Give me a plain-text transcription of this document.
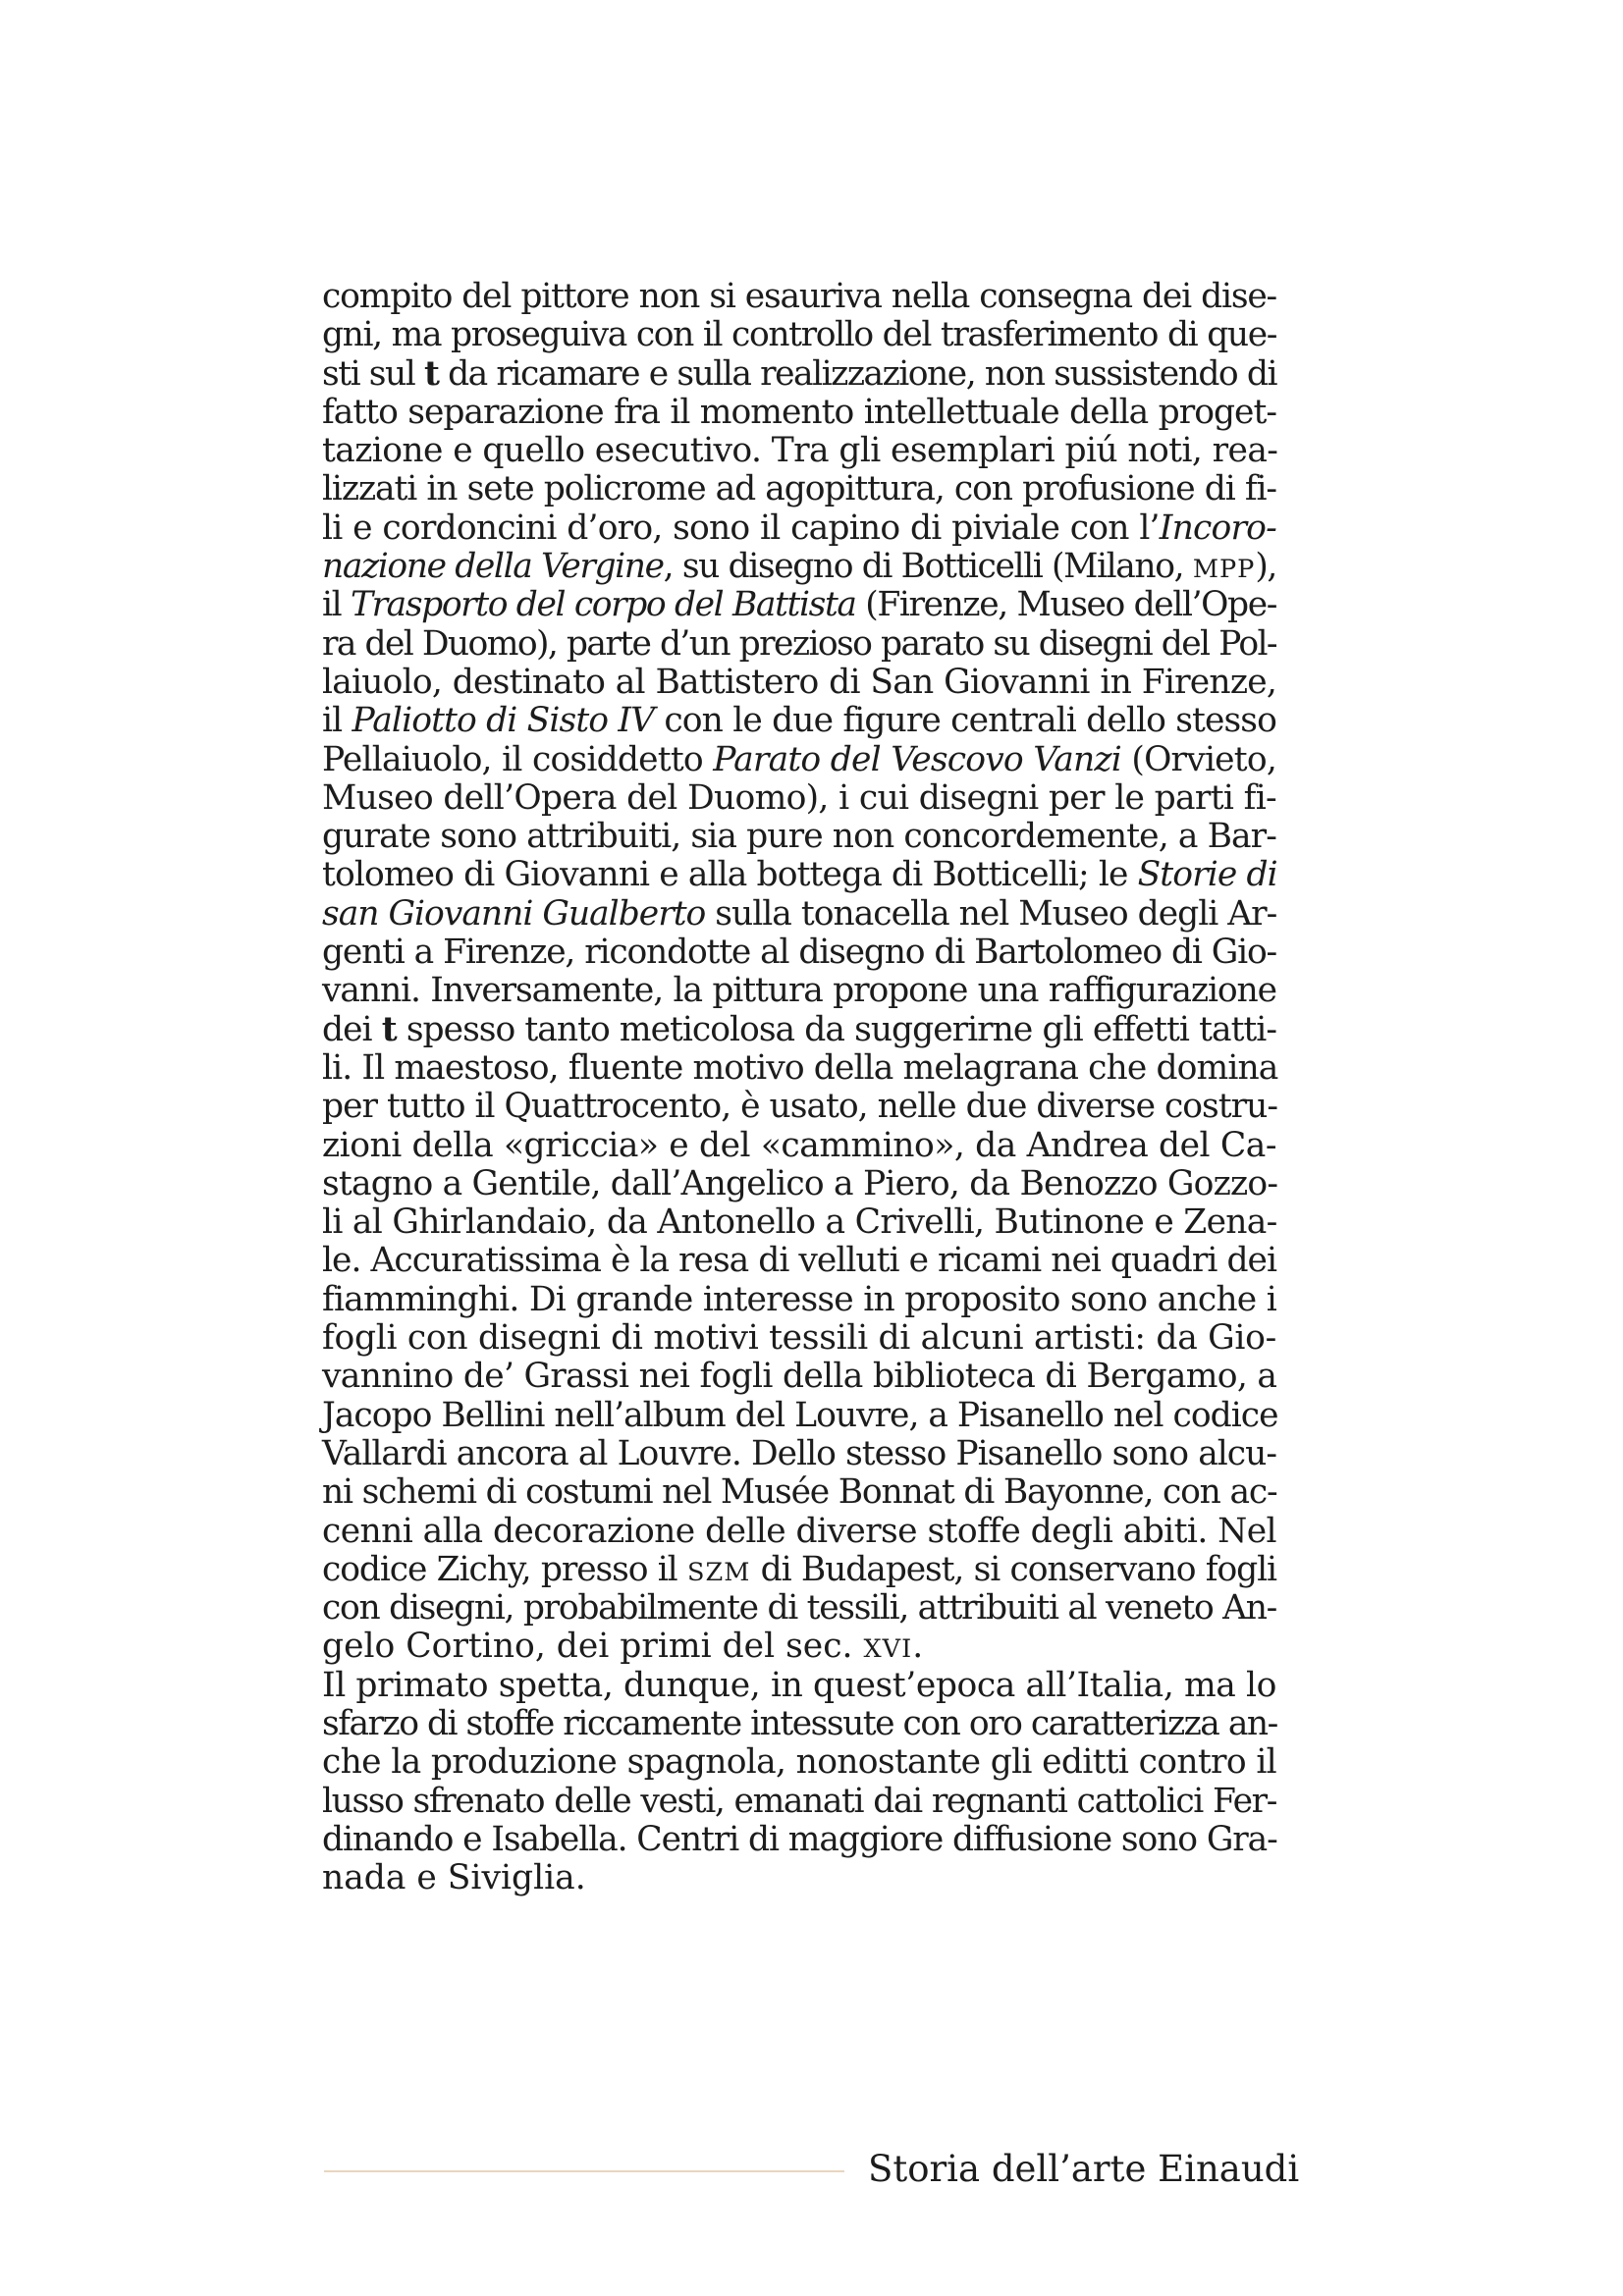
compito del pittore non si esauriva nella consegna dei dise-
gni, ma proseguiva con il controllo del trasferimento di que-
sti sul t da ricamare e sulla realizzazione, non sussistendo di
fatto separazione fra il momento intellettuale della proget-
tazione e quello esecutivo. Tra gli esemplari piú noti, rea-
lizzati in sete policrome ad agopittura, con profusione di fi-
li e cordoncini d’oro, sono il capino di piviale con l’Incoro-
nazione della Vergine, su disegno di Botticelli (Milano, MPP),
il Trasporto del corpo del Battista (Firenze, Museo dell’Ope-
ra del Duomo), parte d’un prezioso parato su disegni del Pol-
laiuolo, destinato al Battistero di San Giovanni in Firenze,
il Paliotto di Sisto IV con le due figure centrali dello stesso
Pellaiuolo, il cosiddetto Parato del Vescovo Vanzi (Orvieto,
Museo dell’Opera del Duomo), i cui disegni per le parti fi-
gurate sono attribuiti, sia pure non concordemente, a Bar-
tolomeo di Giovanni e alla bottega di Botticelli; le Storie di
san Giovanni Gualberto sulla tonacella nel Museo degli Ar-
genti a Firenze, ricondotte al disegno di Bartolomeo di Gio-
vanni. Inversamente, la pittura propone una raffigurazione
dei t spesso tanto meticolosa da suggerirne gli effetti tatti-
li. Il maestoso, fluente motivo della melagrana che domina
per tutto il Quattrocento, è usato, nelle due diverse costru-
zioni della «griccia» e del «cammino», da Andrea del Ca-
stagno a Gentile, dall’Angelico a Piero, da Benozzo Gozzo-
li al Ghirlandaio, da Antonello a Crivelli, Butinone e Zena-
le. Accuratissima è la resa di velluti e ricami nei quadri dei
fiamminghi. Di grande interesse in proposito sono anche i
fogli con disegni di motivi tessili di alcuni artisti: da Gio-
vannino de’ Grassi nei fogli della biblioteca di Bergamo, a
Jacopo Bellini nell’album del Louvre, a Pisanello nel codice
Vallardi ancora al Louvre. Dello stesso Pisanello sono alcu-
ni schemi di costumi nel Musée Bonnat di Bayonne, con ac-
cenni alla decorazione delle diverse stoffe degli abiti. Nel
codice Zichy, presso il SZM di Budapest, si conservano fogli
con disegni, probabilmente di tessili, attribuiti al veneto An-
gelo Cortino, dei primi del sec. XVI.
Il primato spetta, dunque, in quest’epoca all’Italia, ma lo
sfarzo di stoffe riccamente intessute con oro caratterizza an-
che la produzione spagnola, nonostante gli editti contro il
lusso sfrenato delle vesti, emanati dai regnanti cattolici Fer-
dinando e Isabella. Centri di maggiore diffusione sono Gra-
nada e Siviglia.
Storia dell’arte Einaudi
